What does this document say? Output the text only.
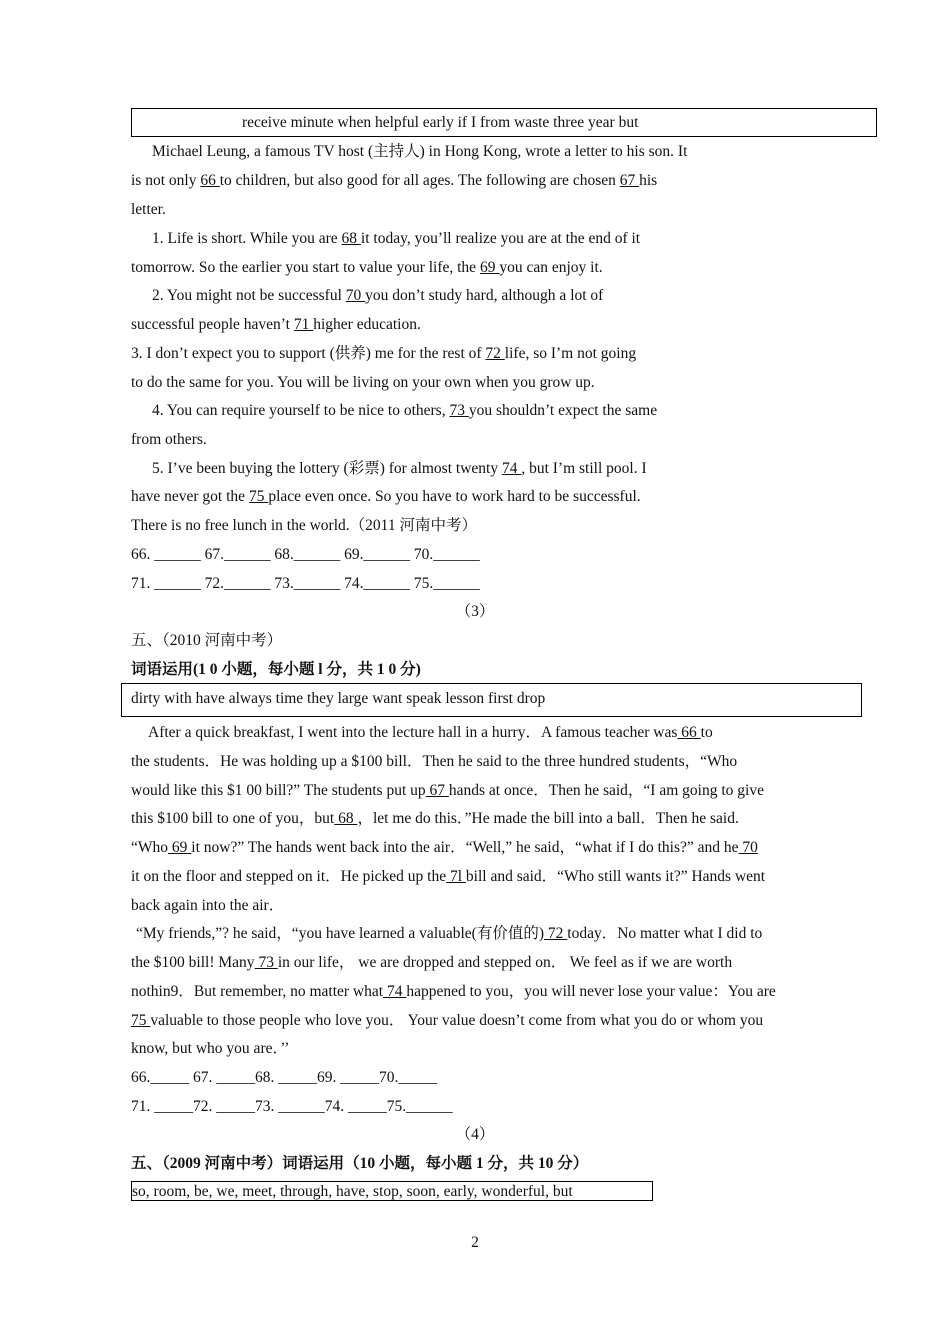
receive minute when helpful early if I from waste three year but
Michael Leung, a famous TV host (主持人) in Hong Kong, wrote a letter to his son. It
is not only 66 to children, but also good for all ages. The following are chosen 67 his
letter.
1. Life is short. While you are 68 it today, you’ll realize you are at the end of it
tomorrow. So the earlier you start to value your life, the 69 you can enjoy it.
2. You might not be successful 70 you don’t study hard, although a lot of
successful people haven’t 71 higher education.
3. I don’t expect you to support (供养) me for the rest of 72 life, so I’m not going
to do the same for you. You will be living on your own when you grow up.
4. You can require yourself to be nice to others, 73 you shouldn’t expect the same
from others.
5. I’ve been buying the lottery (彩票) for almost twenty 74 , but I’m still pool. I
have never got the 75 place even once. So you have to work hard to be successful.
There is no free lunch in the world.（2011 河南中考）
66. ______ 67.______ 68.______ 69.______ 70.______
71. ______ 72.______ 73.______ 74.______ 75.______
（3）
五、（2010 河南中考）
词语运用(1 0 小题，每小题 l 分，共 1 0 分)
dirty with have always time they large want speak lesson first drop
After a quick breakfast, I went into the lecture hall in a hurry．A famous teacher was 66 to
the students．He was holding up a $100 bill．Then he said to the three hundred students，“Who
would like this $1 00 bill?” The students put up 67 hands at once．Then he said，“I am going to give
this $100 bill to one of you，but 68 ，let me do this．”He made the bill into a ball．Then he said.
“Who 69 it now?” The hands went back into the air．“Well,” he said，“what if I do this?” and he 70
it on the floor and stepped on it．He picked up the 7l bill and said．“Who still wants it?” Hands went
back again into the air．
“My friends,”? he said，“you have learned a valuable(有价值的) 72 today．No matter what I did to
the $100 bill! Many 73 in our life， we are dropped and stepped on． We feel as if we are worth
nothin9．But remember, no matter what 74 happened to you，you will never lose your value：You are
75 valuable to those people who love you． Your value doesn’t come from what you do or whom you
know, but who you are．’’
66._____ 67. _____68. _____69. _____70._____
71. _____72. _____73. ______74. _____75.______
（4）
五、（2009 河南中考）词语运用（10 小题，每小题 1 分，共 10 分）
so, room, be, we, meet, through, have, stop, soon, early, wonderful, but
2
